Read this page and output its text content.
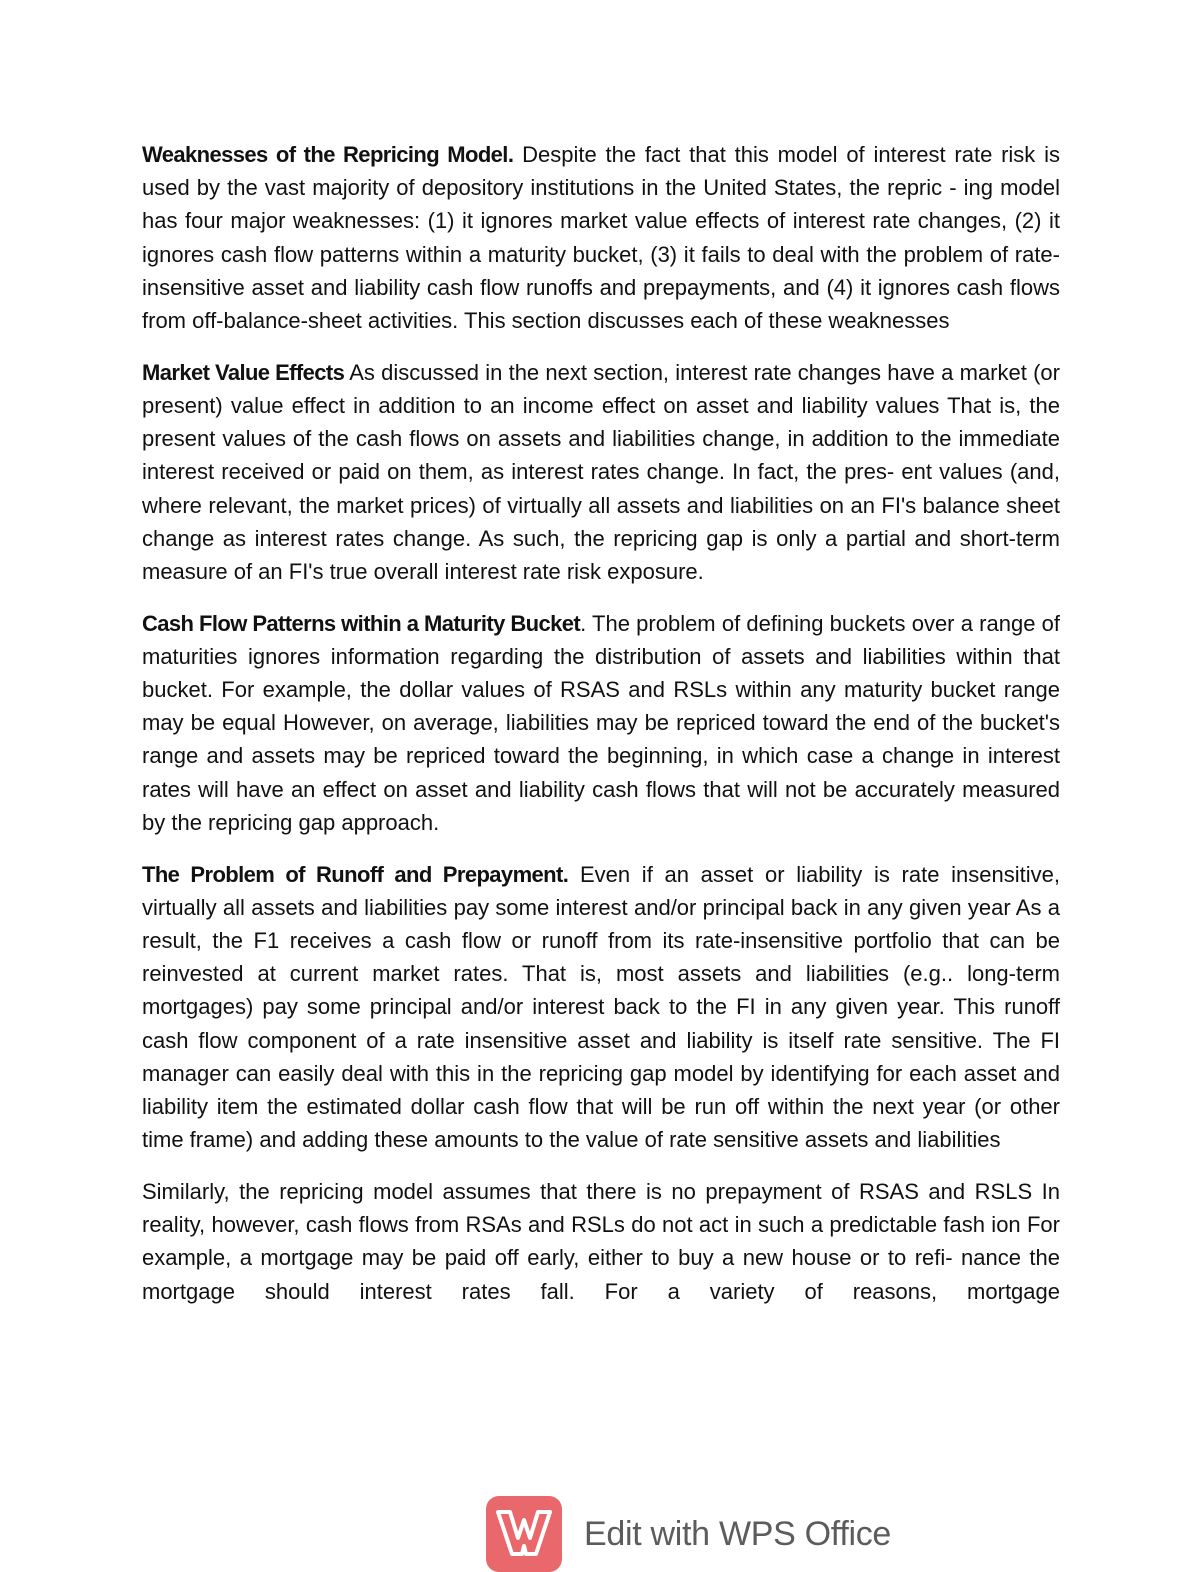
Weaknesses of the Repricing Model. Despite the fact that this model of interest rate risk is used by the vast majority of depository institutions in the United States, the repric - ing model has four major weaknesses: (1) it ignores market value effects of interest rate changes, (2) it ignores cash flow patterns within a maturity bucket, (3) it fails to deal with the problem of rate-insensitive asset and liability cash flow runoffs and prepayments, and (4) it ignores cash flows from off-balance-sheet activities. This section discusses each of these weaknesses

Market Value Effects As discussed in the next section, interest rate changes have a market (or present) value effect in addition to an income effect on asset and liability values That is, the present values of the cash flows on assets and liabilities change, in addition to the immediate interest received or paid on them, as interest rates change. In fact, the pres- ent values (and, where relevant, the market prices) of virtually all assets and liabilities on an FI's balance sheet change as interest rates change. As such, the repricing gap is only a partial and short-term measure of an FI's true overall interest rate risk exposure.

Cash Flow Patterns within a Maturity Bucket. The problem of defining buckets over a range of maturities ignores information regarding the distribution of assets and liabilities within that bucket. For example, the dollar values of RSAS and RSLs within any maturity bucket range may be equal However, on average, liabilities may be repriced toward the end of the bucket's range and assets may be repriced toward the beginning, in which case a change in interest rates will have an effect on asset and liability cash flows that will not be accurately measured by the repricing gap approach.

The Problem of Runoff and Prepayment. Even if an asset or liability is rate insensitive, virtually all assets and liabilities pay some interest and/or principal back in any given year As a result, the F1 receives a cash flow or runoff from its rate-insensitive portfolio that can be reinvested at current market rates. That is, most assets and liabilities (e.g.. long-term mortgages) pay some principal and/or interest back to the FI in any given year. This runoff cash flow component of a rate insensitive asset and liability is itself rate sensitive. The FI manager can easily deal with this in the repricing gap model by identifying for each asset and liability item the estimated dollar cash flow that will be run off within the next year (or other time frame) and adding these amounts to the value of rate sensitive assets and liabilities

Similarly, the repricing model assumes that there is no prepayment of RSAS and RSLS In reality, however, cash flows from RSAs and RSLs do not act in such a predictable fash ion For example, a mortgage may be paid off early, either to buy a new house or to refi- nance the mortgage should interest rates fall. For a variety of reasons, mortgage

Edit with WPS Office
